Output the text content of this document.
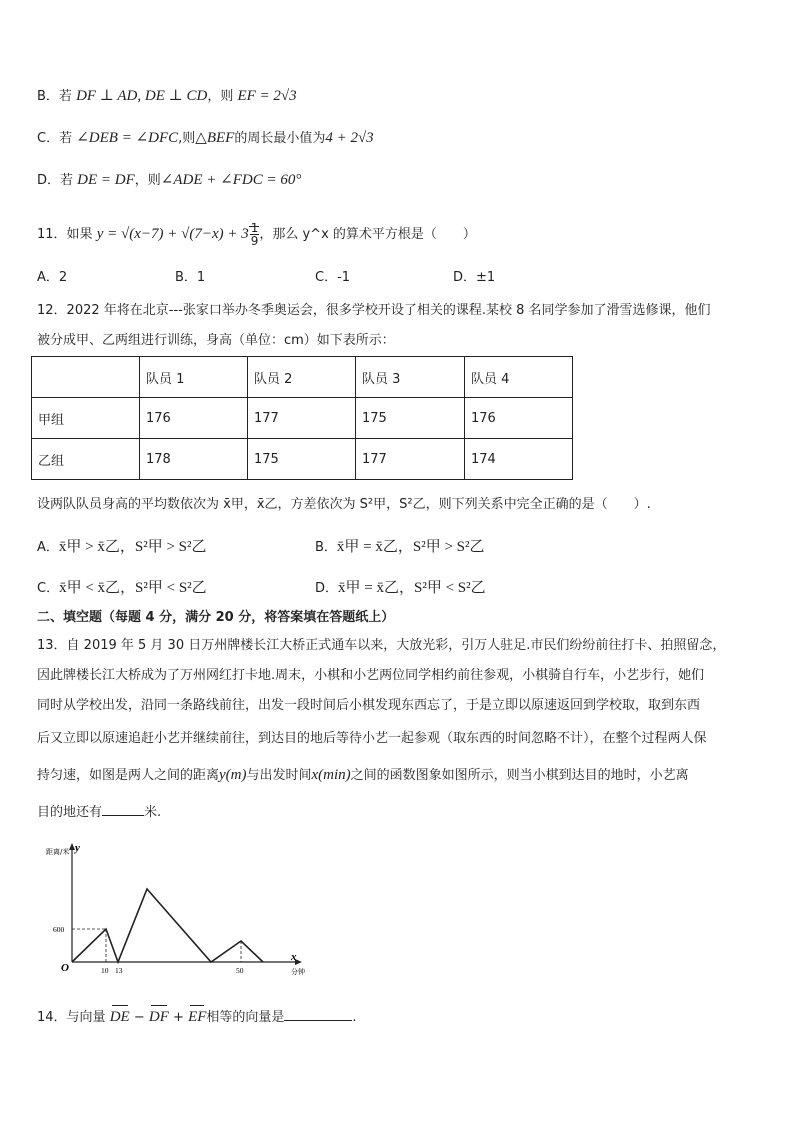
B．若 DF ⊥ AD, DE ⊥ CD，则 EF = 2√3
C．若 ∠DEB = ∠DFC,则△BEF的周长最小值为4 + 2√3
D．若 DE = DF，则∠ADE + ∠FDC = 60°
11．如果 $y = √(x-7) + √(7-x) + 3 \frac{1}{9}$，那么 y^x 的算术平方根是（　　）
A．2	B．1	C．-1	D．±1
12．2022 年将在北京---张家口举办冬季奥运会，很多学校开设了相关的课程.某校 8 名同学参加了滑雪选修课，他们
被分成甲、乙两组进行训练，身高（单位：cm）如下表所示：
	队员 1	队员 2	队员 3	队员 4
甲组	176	177	175	176
乙组	178	175	177	174
设两队队员身高的平均数依次为 x̄甲，x̄乙，方差依次为 S²甲，S²乙，则下列关系中完全正确的是（　　）.
A．x̄甲 > x̄乙，S²甲 > S²乙	B．x̄甲 = x̄乙，S²甲 > S²乙
C．x̄甲 < x̄乙，S²甲 < S²乙	D．x̄甲 = x̄乙，S²甲 < S²乙
二、填空题（每题 4 分，满分 20 分，将答案填在答题纸上）
13．自 2019 年 5 月 30 日万州牌楼长江大桥正式通车以来，大放光彩，引万人驻足.市民们纷纷前往打卡、拍照留念，
因此牌楼长江大桥成为了万州网红打卡地.周末，小棋和小艺两位同学相约前往参观，小棋骑自行车，小艺步行，她们
同时从学校出发，沿同一条路线前往，出发一段时间后小棋发现东西忘了，于是立即以原速返回到学校取，取到东西
后又立即以原速追赶小艺并继续前往，到达目的地后等待小艺一起参观（取东西的时间忽略不计），在整个过程两人保
持匀速，如图是两人之间的距离y(m)与出发时间x(min)之间的函数图象如图所示，则当小棋到达目的地时，小艺离
目的地还有	米.
距离/米 y
x
分钟
O
600
10 13	50
14．与向量 DE − DF + EF相等的向量是	.
